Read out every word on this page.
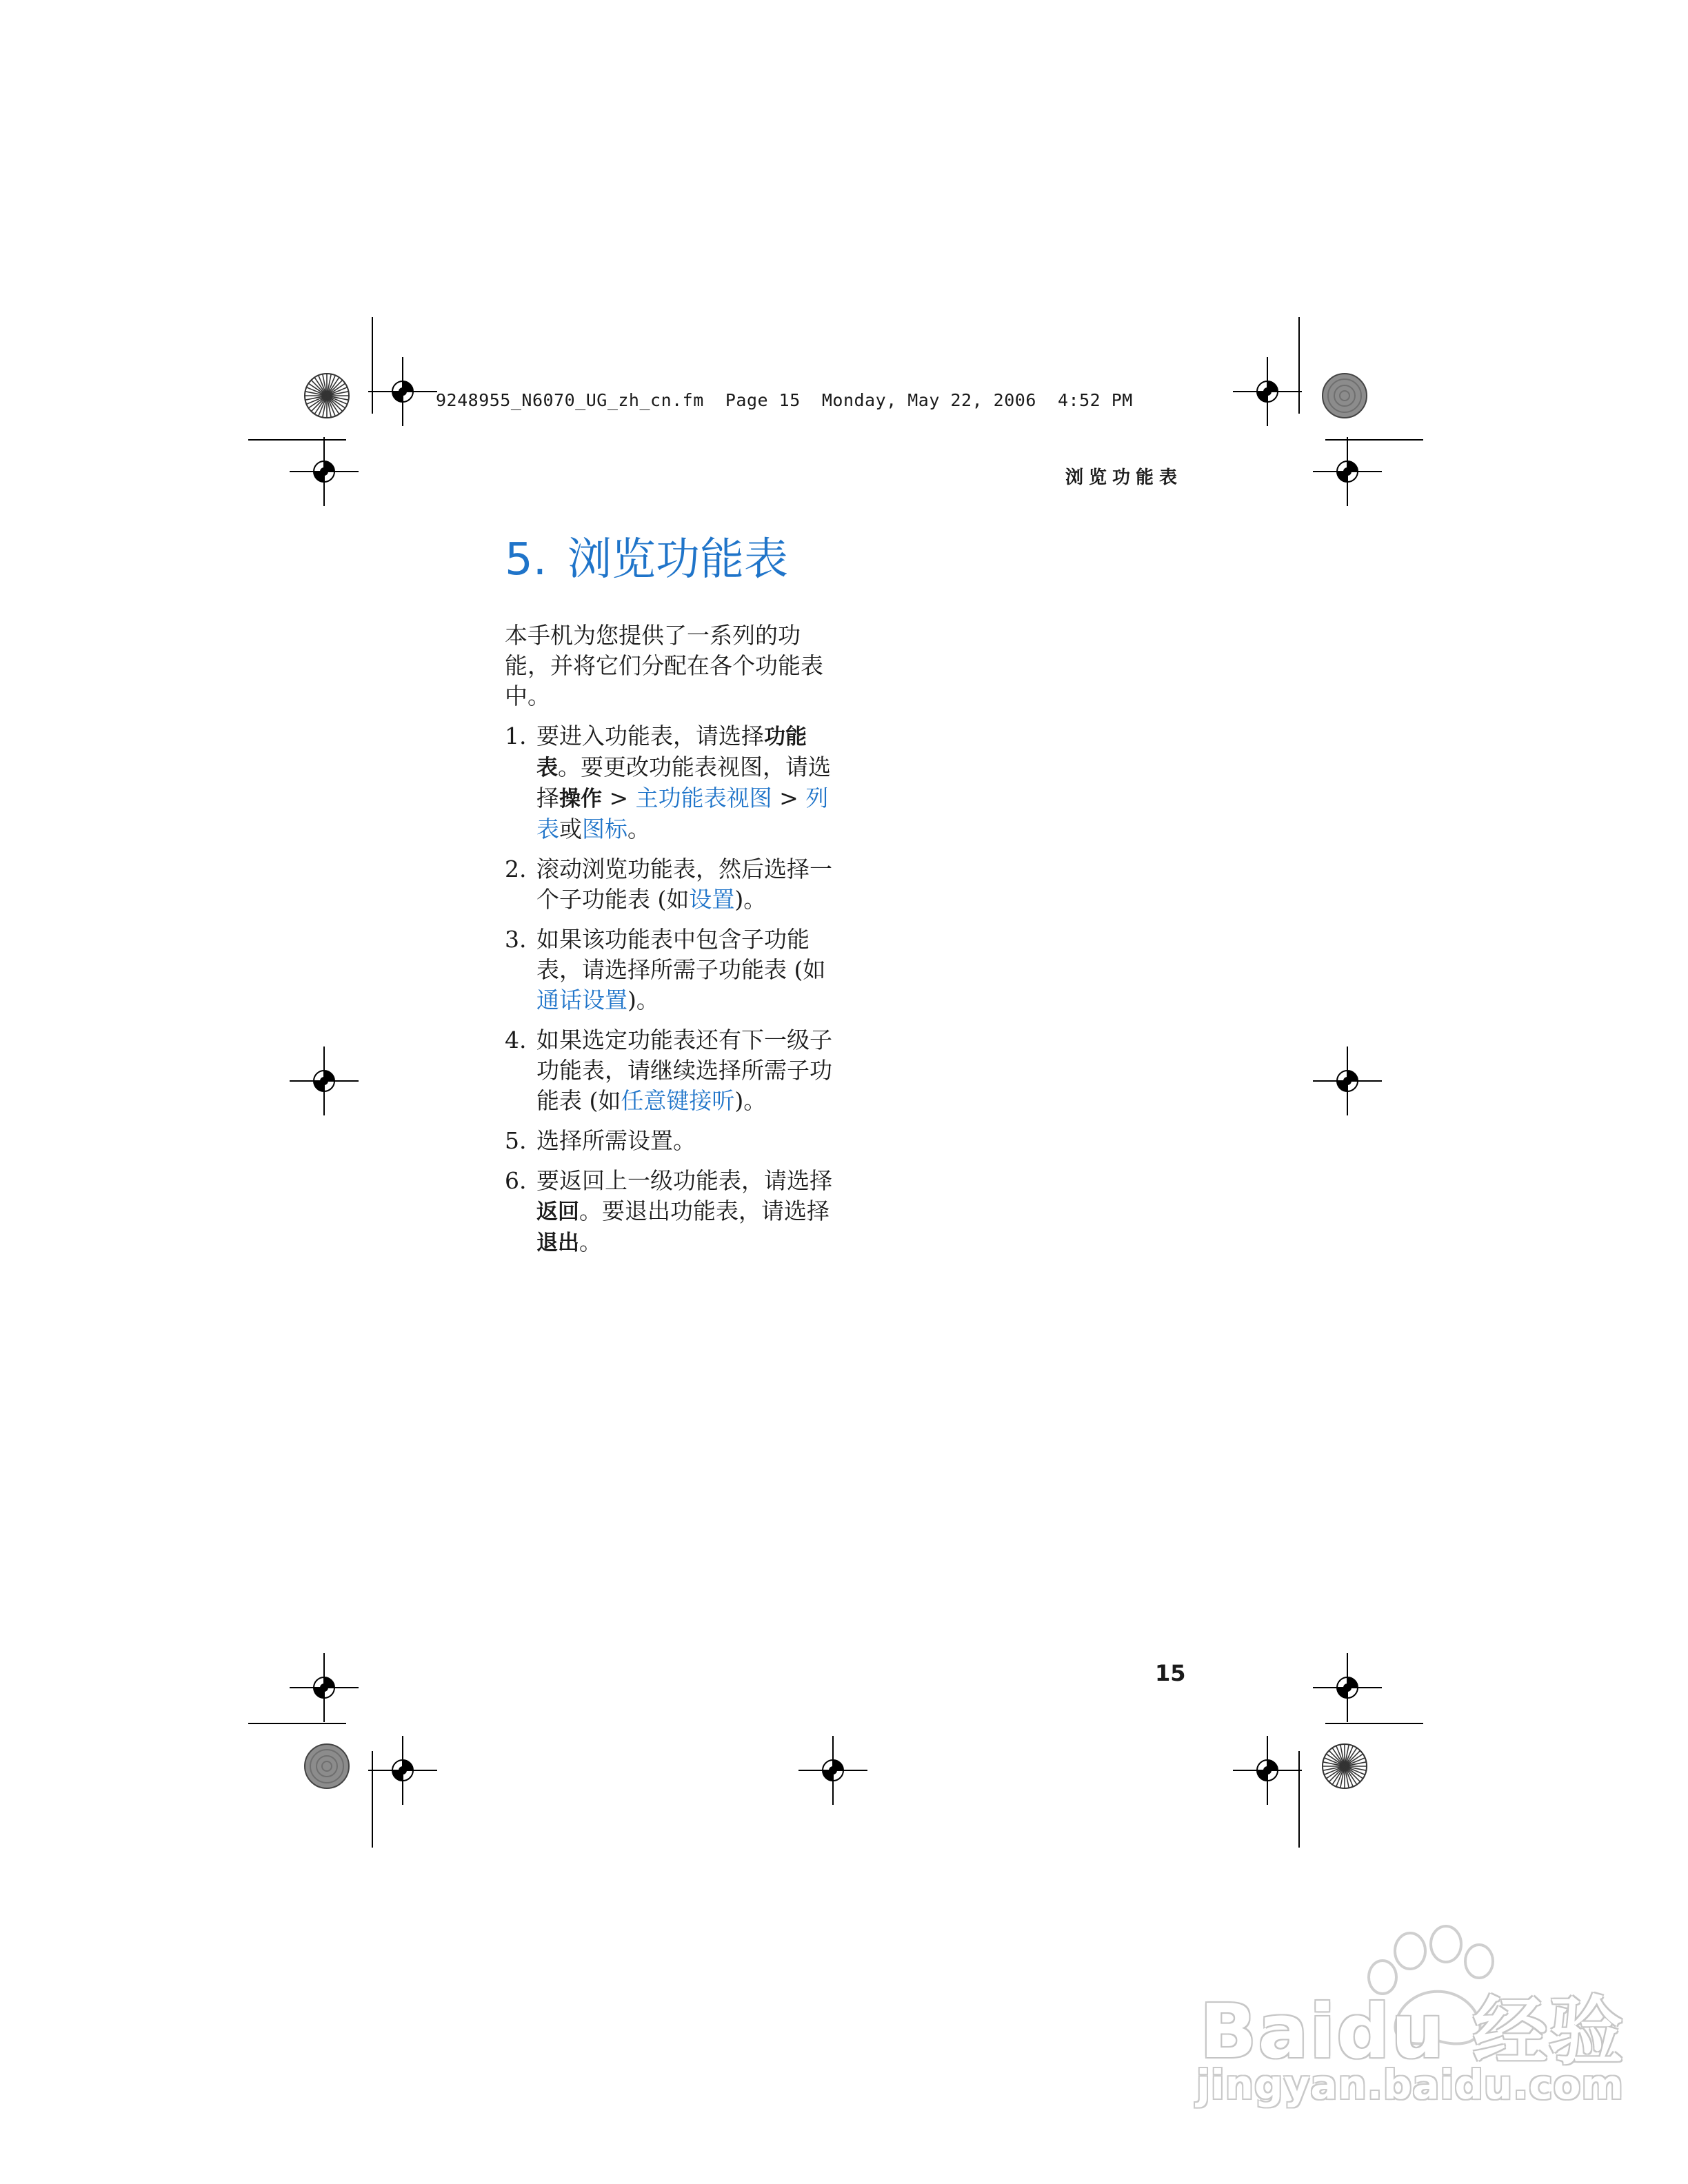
9248955_N6070_UG_zh_cn.fm  Page 15  Monday, May 22, 2006  4:52 PM
浏览功能表
5. 浏览功能表

本手机为您提供了一系列的功能，并将它们分配在各个功能表中。

1. 要进入功能表，请选择功能表。要更改功能表视图，请选择操作 > 主功能表视图 > 列表或图标。
2. 滚动浏览功能表，然后选择一个子功能表 (如设置)。
3. 如果该功能表中包含子功能表，请选择所需子功能表 (如通话设置)。
4. 如果选定功能表还有下一级子功能表，请继续选择所需子功能表 (如任意键接听)。
5. 选择所需设置。
6. 要返回上一级功能表，请选择返回。要退出功能表，请选择退出。
15
Baidu 经验
jingyan.baidu.com
